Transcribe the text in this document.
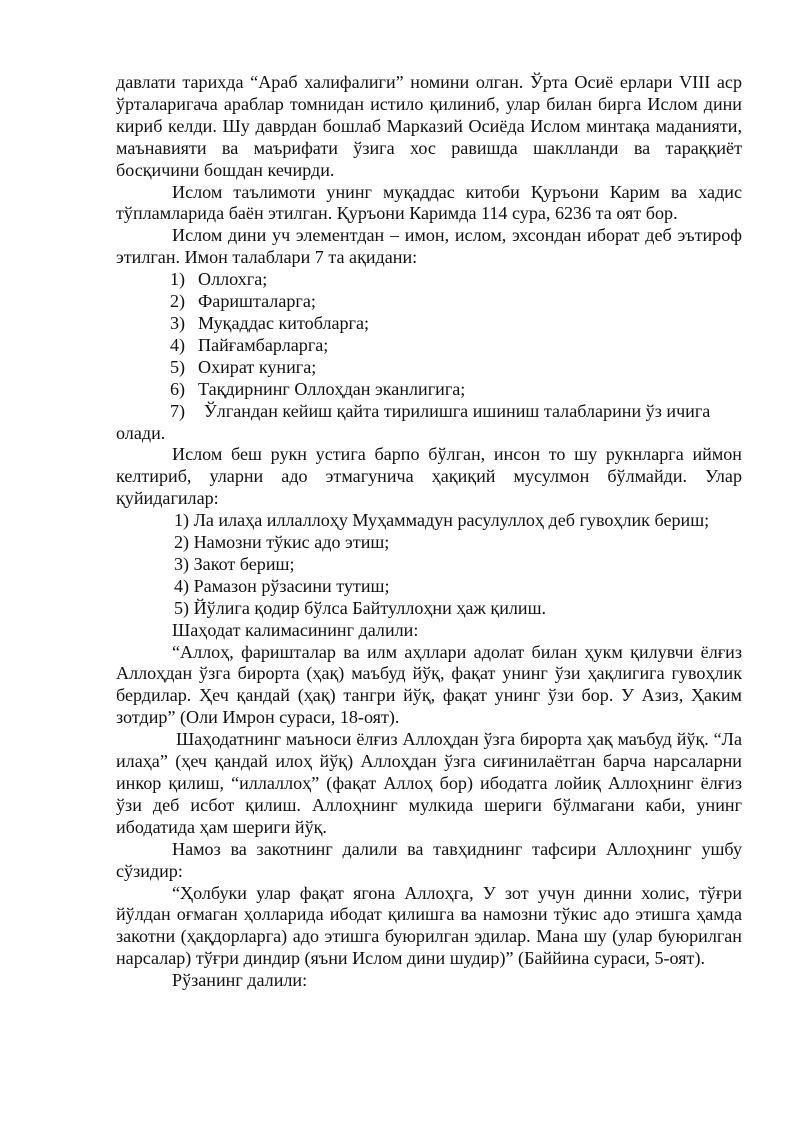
давлати тарихда “Араб халифалиги” номини олган. Ўрта Осиё ерлари VIII аср ўрталаригача араблар томнидан истило қилиниб, улар билан бирга Ислом дини кириб келди. Шу даврдан бошлаб Марказий Осиёда Ислом минтақа маданияти, маънавияти ва маърифати ўзига хос равишда шаклланди ва тараққиёт босқичини бошдан кечирди.

Ислом таълимоти унинг муқаддас китоби Қуръони Карим ва хадис тўпламларида баён этилган. Қуръони Каримда 114 сура, 6236 та оят бор.

Ислом дини уч элементдан – имон, ислом, эхсондан иборат деб эътироф этилган. Имон талаблари 7 та ақидани:

1) Оллохга;
2) Фаришталарга;
3) Муқаддас китобларга;
4) Пайғамбарларга;
5) Охират кунига;
6) Тақдирнинг Оллоҳдан эканлигига;
7) Ўлгандан кейиш қайта тирилишга ишиниш талабларини ўз ичига

олади.

Ислом беш рукн устига барпо бўлган, инсон то шу рукнларга иймон келтириб, уларни адо этмагунича ҳақиқий мусулмон бўлмайди. Улар қуйидагилар:

1) Ла илаҳа иллаллоҳу Муҳаммадун расулуллоҳ деб гувоҳлик бериш;
2) Намозни тўкис адо этиш;
3) Закот бериш;
4) Рамазон рўзасини тутиш;
5) Йўлига қодир бўлса Байтуллоҳни ҳаж қилиш.

Шаҳодат калимасининг далили:

“Аллоҳ, фаришталар ва илм аҳллари адолат билан ҳукм қилувчи ёлғиз Аллоҳдан ўзга бирорта (ҳақ) маъбуд йўқ, фақат унинг ўзи ҳақлигига гувоҳлик бердилар. Ҳеч қандай (ҳақ) тангри йўқ, фақат унинг ўзи бор. У Азиз, Ҳаким зотдир” (Оли Имрон сураси, 18-оят).

Шаҳодатнинг маъноси ёлғиз Аллоҳдан ўзга бирорта ҳақ маъбуд йўқ. “Ла илаҳа” (ҳеч қандай илоҳ йўқ) Аллоҳдан ўзга сиғинилаётган барча нарсаларни инкор қилиш, “иллаллоҳ” (фақат Аллоҳ бор) ибодатга лойиқ Аллоҳнинг ёлғиз ўзи деб исбот қилиш. Аллоҳнинг мулкида шериги бўлмагани каби, унинг ибодатида ҳам шериги йўқ.

Намоз ва закотнинг далили ва тавҳиднинг тафсири Аллоҳнинг ушбу сўзидир:

“Ҳолбуки улар фақат ягона Аллоҳга, У зот учун динни холис, тўғри йўлдан оғмаган ҳолларида ибодат қилишга ва намозни тўкис адо этишга ҳамда закотни (ҳақдорларга) адо этишга буюрилган эдилар. Мана шу (улар буюрилган нарсалар) тўғри диндир (яъни Ислом дини шудир)” (Баййина сураси, 5-оят).

Рўзанинг далили:
